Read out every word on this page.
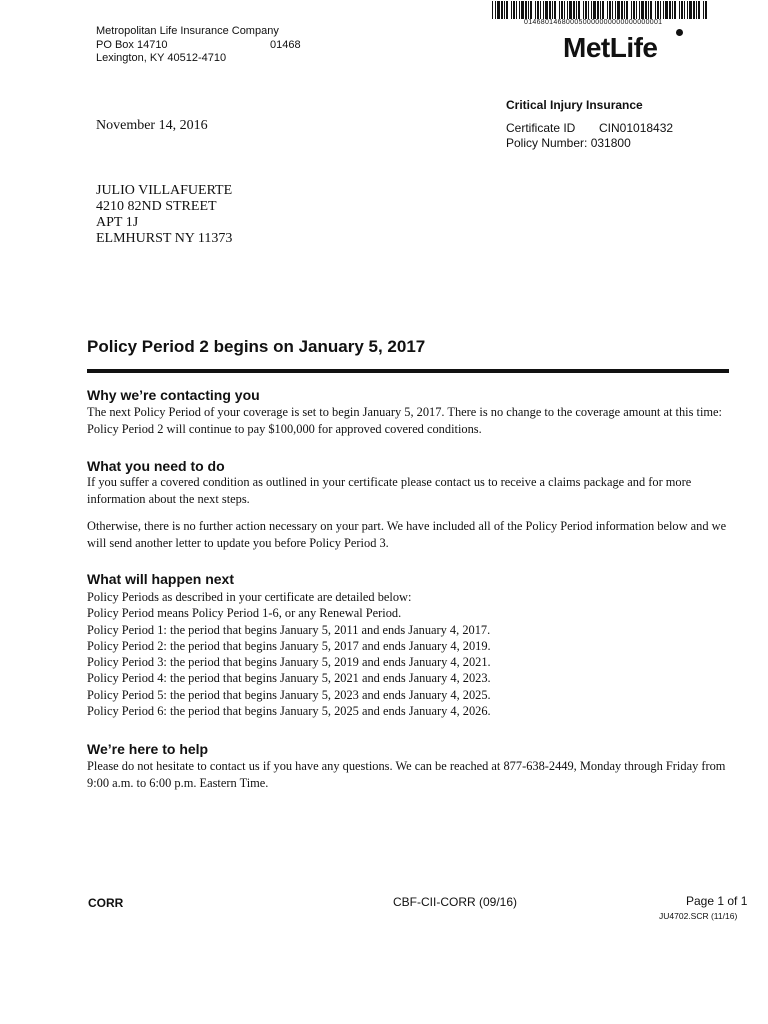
Metropolitan Life Insurance Company
PO Box 14710	01468
Lexington, KY 40512-4710
014680146800050000000000000000001
MetLife
Critical Injury Insurance
Certificate ID CIN01018432
Policy Number: 031800
November 14, 2016
JULIO VILLAFUERTE
4210 82ND STREET
APT 1J
ELMHURST NY 11373
Policy Period 2 begins on January 5, 2017
Why we’re contacting you
The next Policy Period of your coverage is set to begin January 5, 2017. There is no change to the coverage amount at this time: Policy Period 2 will continue to pay $100,000 for approved covered conditions.
What you need to do
If you suffer a covered condition as outlined in your certificate please contact us to receive a claims package and for more information about the next steps.
Otherwise, there is no further action necessary on your part. We have included all of the Policy Period information below and we will send another letter to update you before Policy Period 3.
What will happen next
Policy Periods as described in your certificate are detailed below:
Policy Period means Policy Period 1-6, or any Renewal Period.
Policy Period 1: the period that begins January 5, 2011 and ends January 4, 2017.
Policy Period 2: the period that begins January 5, 2017 and ends January 4, 2019.
Policy Period 3: the period that begins January 5, 2019 and ends January 4, 2021.
Policy Period 4: the period that begins January 5, 2021 and ends January 4, 2023.
Policy Period 5: the period that begins January 5, 2023 and ends January 4, 2025.
Policy Period 6: the period that begins January 5, 2025 and ends January 4, 2026.
We’re here to help
Please do not hesitate to contact us if you have any questions. We can be reached at 877-638-2449, Monday through Friday from 9:00 a.m. to 6:00 p.m. Eastern Time.
CORR	CBF-CII-CORR (09/16)	Page 1 of 1
JU4702.SCR (11/16)
